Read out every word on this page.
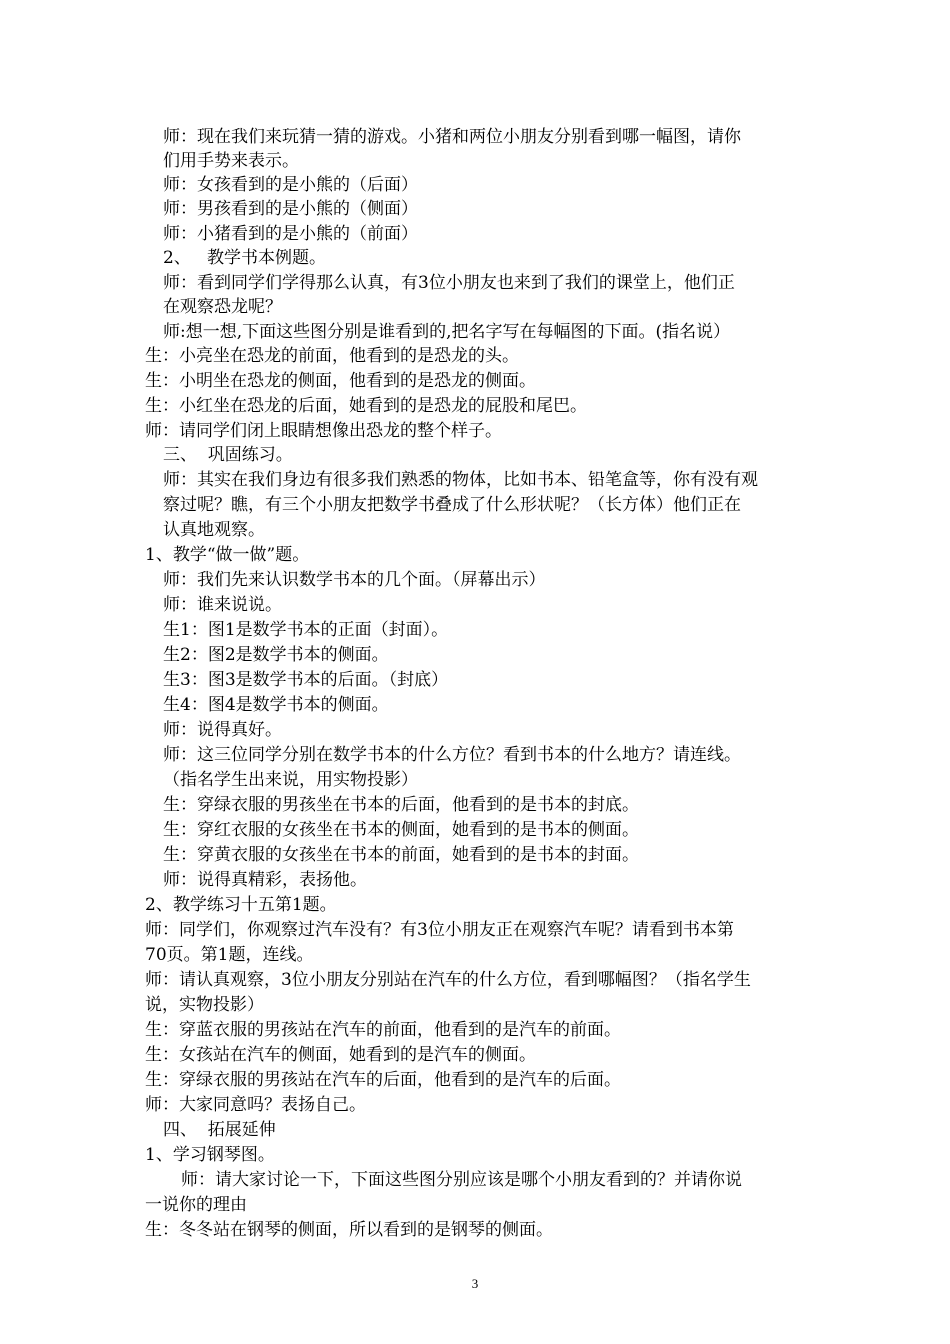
师：现在我们来玩猜一猜的游戏。小猪和两位小朋友分别看到哪一幅图，请你
们用手势来表示。
师：女孩看到的是小熊的（后面）
师：男孩看到的是小熊的（侧面）
师：小猪看到的是小熊的（前面）
2、   教学书本例题。
师：看到同学们学得那么认真，有3位小朋友也来到了我们的课堂上，他们正
在观察恐龙呢？
师:想一想,下面这些图分别是谁看到的,把名字写在每幅图的下面。(指名说）
生：小亮坐在恐龙的前面，他看到的是恐龙的头。
生：小明坐在恐龙的侧面，他看到的是恐龙的侧面。
生：小红坐在恐龙的后面，她看到的是恐龙的屁股和尾巴。
师：请同学们闭上眼睛想像出恐龙的整个样子。
三、  巩固练习。
师：其实在我们身边有很多我们熟悉的物体，比如书本、铅笔盒等，你有没有观
察过呢？瞧，有三个小朋友把数学书叠成了什么形状呢？（长方体）他们正在
认真地观察。
1、教学“做一做”题。
师：我们先来认识数学书本的几个面。（屏幕出示）
师：谁来说说。
生1：图1是数学书本的正面（封面）。
生2：图2是数学书本的侧面。
生3：图3是数学书本的后面。（封底）
生4：图4是数学书本的侧面。
师：说得真好。
师：这三位同学分别在数学书本的什么方位？看到书本的什么地方？请连线。
（指名学生出来说，用实物投影）
生：穿绿衣服的男孩坐在书本的后面，他看到的是书本的封底。
生：穿红衣服的女孩坐在书本的侧面，她看到的是书本的侧面。
生：穿黄衣服的女孩坐在书本的前面，她看到的是书本的封面。
师：说得真精彩，表扬他。
2、教学练习十五第1题。
师：同学们，你观察过汽车没有？有3位小朋友正在观察汽车呢？请看到书本第
70页。第1题，连线。
师：请认真观察，3位小朋友分别站在汽车的什么方位，看到哪幅图？（指名学生
说，实物投影）
生：穿蓝衣服的男孩站在汽车的前面，他看到的是汽车的前面。
生：女孩站在汽车的侧面，她看到的是汽车的侧面。
生：穿绿衣服的男孩站在汽车的后面，他看到的是汽车的后面。
师：大家同意吗？表扬自己。
四、  拓展延伸
1、学习钢琴图。
师：请大家讨论一下，下面这些图分别应该是哪个小朋友看到的？并请你说
一说你的理由
生：冬冬站在钢琴的侧面，所以看到的是钢琴的侧面。
3
